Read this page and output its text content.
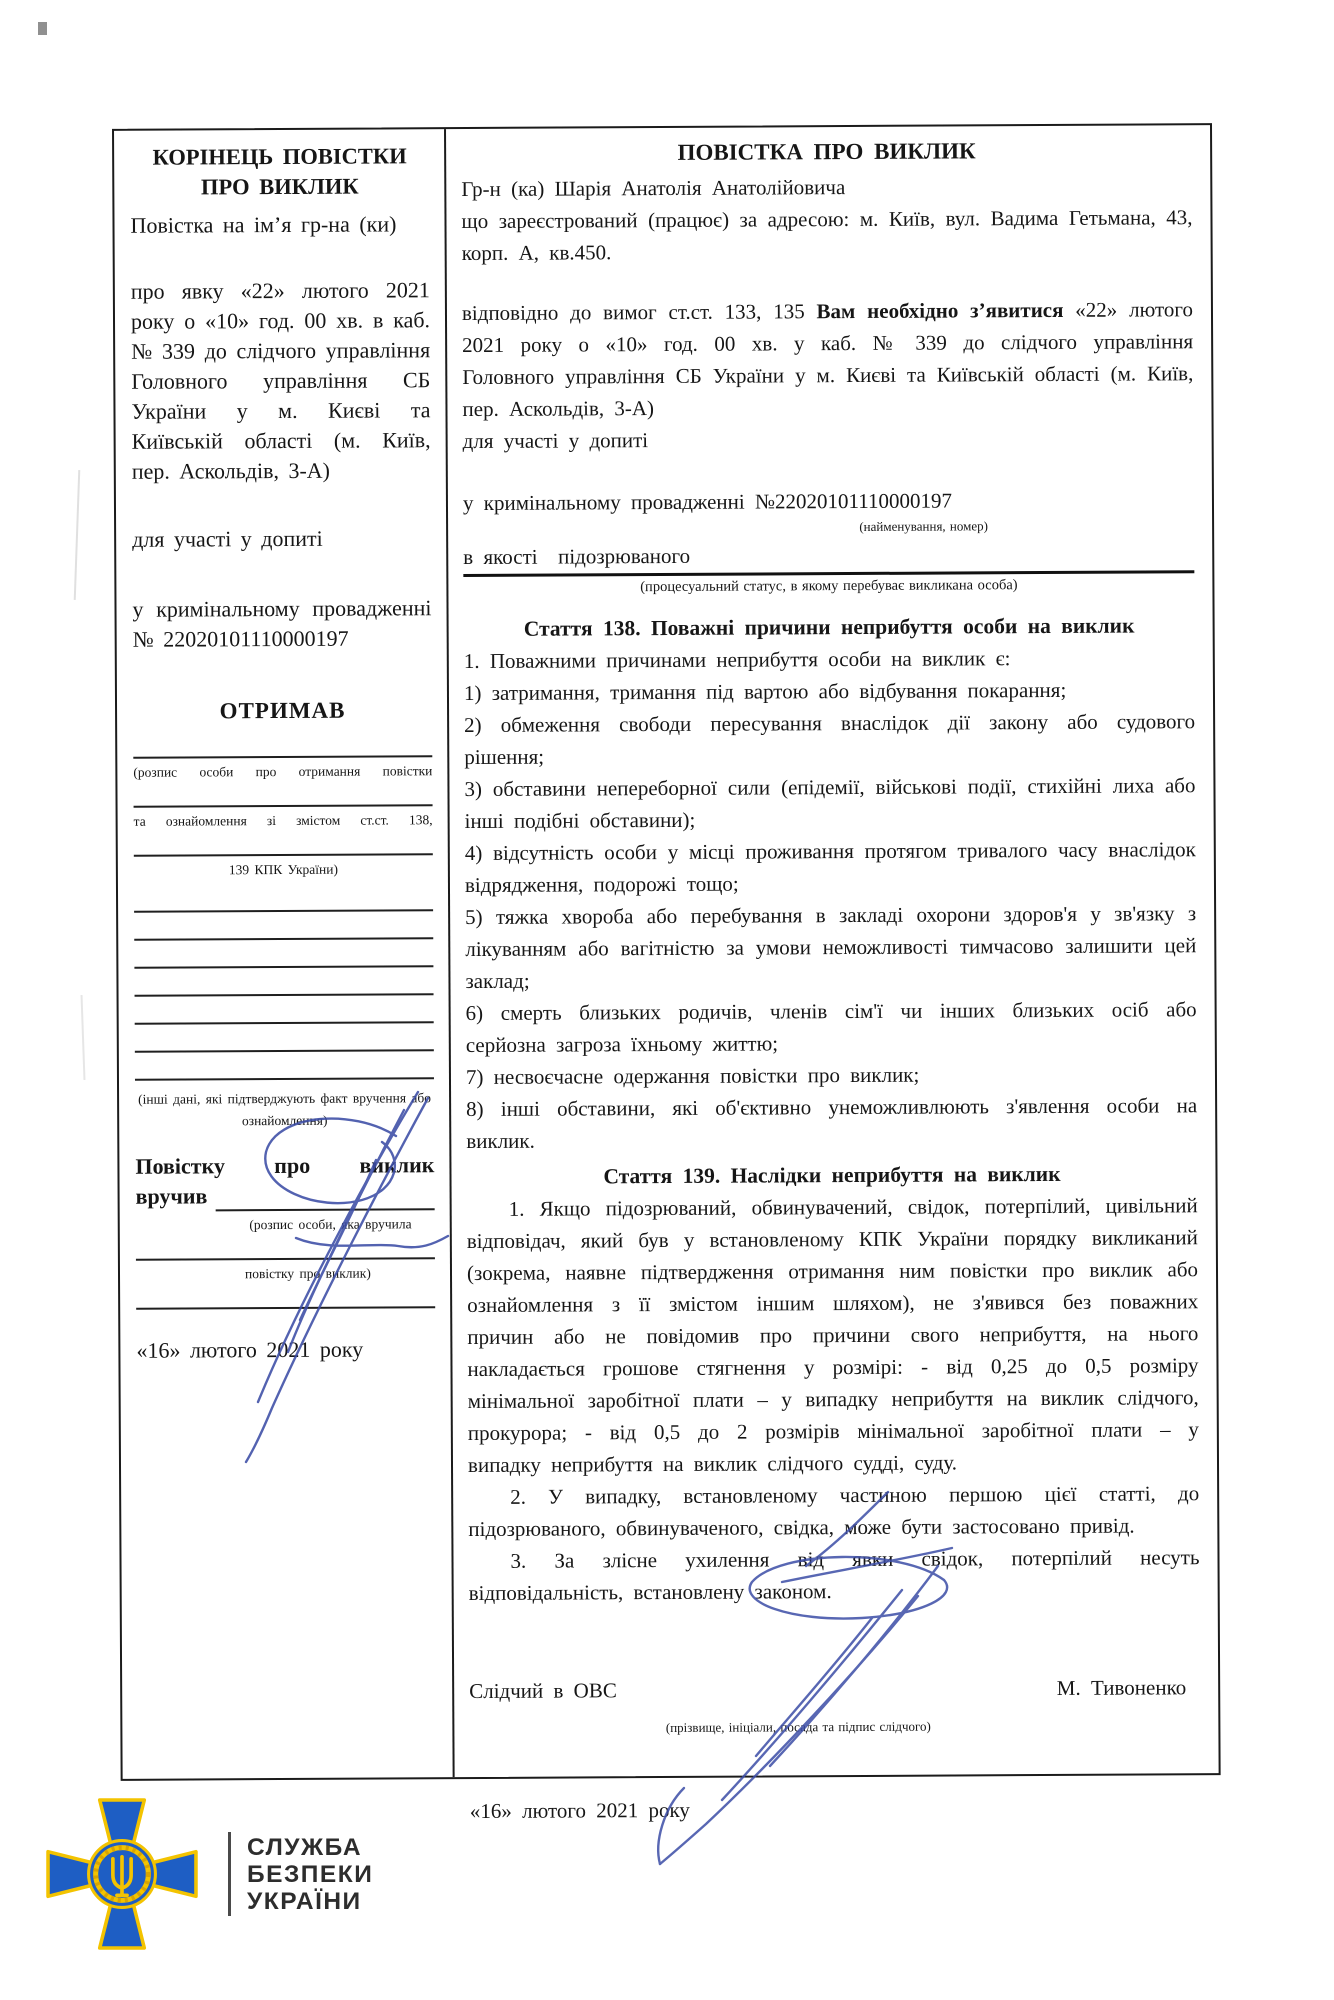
КОРІНЕЦЬ ПОВІСТКИ ПРО ВИКЛИК

Повістка на ім’я гр-на (ки)

про явку «22» лютого 2021 року о «10» год. 00 хв. в каб. № 339 до слідчого управління Головного управління СБ України у м. Києві та Київській області (м. Київ, пер. Аскольдів, 3-А)

для участі у допиті

у кримінальному провадженні № 22020101110000197

ОТРИМАВ

(розпис особи про отримання повістки

та ознайомлення зі змістом ст.ст. 138,

139 КПК України)

(інші дані, які підтверджують факт вручення або

ознайомлення)

Повістку про виклик

вручив

(розпис особи, яка вручила

повістку про виклик)

«16» лютого 2021 року

ПОВІСТКА ПРО ВИКЛИК

Гр-н (ка) Шарія Анатолія Анатолійовича

що зареєстрований (працює) за адресою: м. Київ, вул. Вадима Гетьмана, 43, корп. А, кв.450.

відповідно до вимог ст.ст. 133, 135 Вам необхідно з’явитися «22» лютого 2021 року о «10» год. 00 хв. у каб. № 339 до слідчого управління Головного управління СБ України у м. Києві та Київській області (м. Київ, пер. Аскольдів, 3-А)

для участі у допиті

у кримінальному провадженні №22020101110000197

(найменування, номер)

в якості  підозрюваного

(процесуальний статус, в якому перебуває викликана особа)

Стаття 138. Поважні причини неприбуття особи на виклик

1. Поважними причинами неприбуття особи на виклик є:

1) затримання, тримання під вартою або відбування покарання;

2) обмеження свободи пересування внаслідок дії закону або судового рішення;

3) обставини непереборної сили (епідемії, військові події, стихійні лиха або інші подібні обставини);

4) відсутність особи у місці проживання протягом тривалого часу внаслідок відрядження, подорожі тощо;

5) тяжка хвороба або перебування в закладі охорони здоров'я у зв'язку з лікуванням або вагітністю за умови неможливості тимчасово залишити цей заклад;

6) смерть близьких родичів, членів сім'ї чи інших близьких осіб або серйозна загроза їхньому життю;

7) несвоєчасне одержання повістки про виклик;

8) інші обставини, які об'єктивно унеможливлюють з'явлення особи на виклик.

Стаття 139. Наслідки неприбуття на виклик

1. Якщо підозрюваний, обвинувачений, свідок, потерпілий, цивільний відповідач, який був у встановленому КПК України порядку викликаний (зокрема, наявне підтвердження отримання ним повістки про виклик або ознайомлення з її змістом іншим шляхом), не з'явився без поважних причин або не повідомив про причини свого неприбуття, на нього накладається грошове стягнення у розмірі: - від 0,25 до 0,5 розміру мінімальної заробітної плати – у випадку неприбуття на виклик слідчого, прокурора; - від 0,5 до 2 розмірів мінімальної заробітної плати – у випадку неприбуття на виклик слідчого судді, суду.

2. У випадку, встановленому частиною першою цієї статті, до підозрюваного, обвинуваченого, свідка, може бути застосовано привід.

3. За злісне ухилення від явки свідок, потерпілий несуть відповідальність, встановлену законом.

Слідчий в ОВС	М. Тивоненко

(прізвище, ініціали, посада та підпис слідчого)

«16» лютого 2021 року

СЛУЖБА
БЕЗПЕКИ
УКРАЇНИ
